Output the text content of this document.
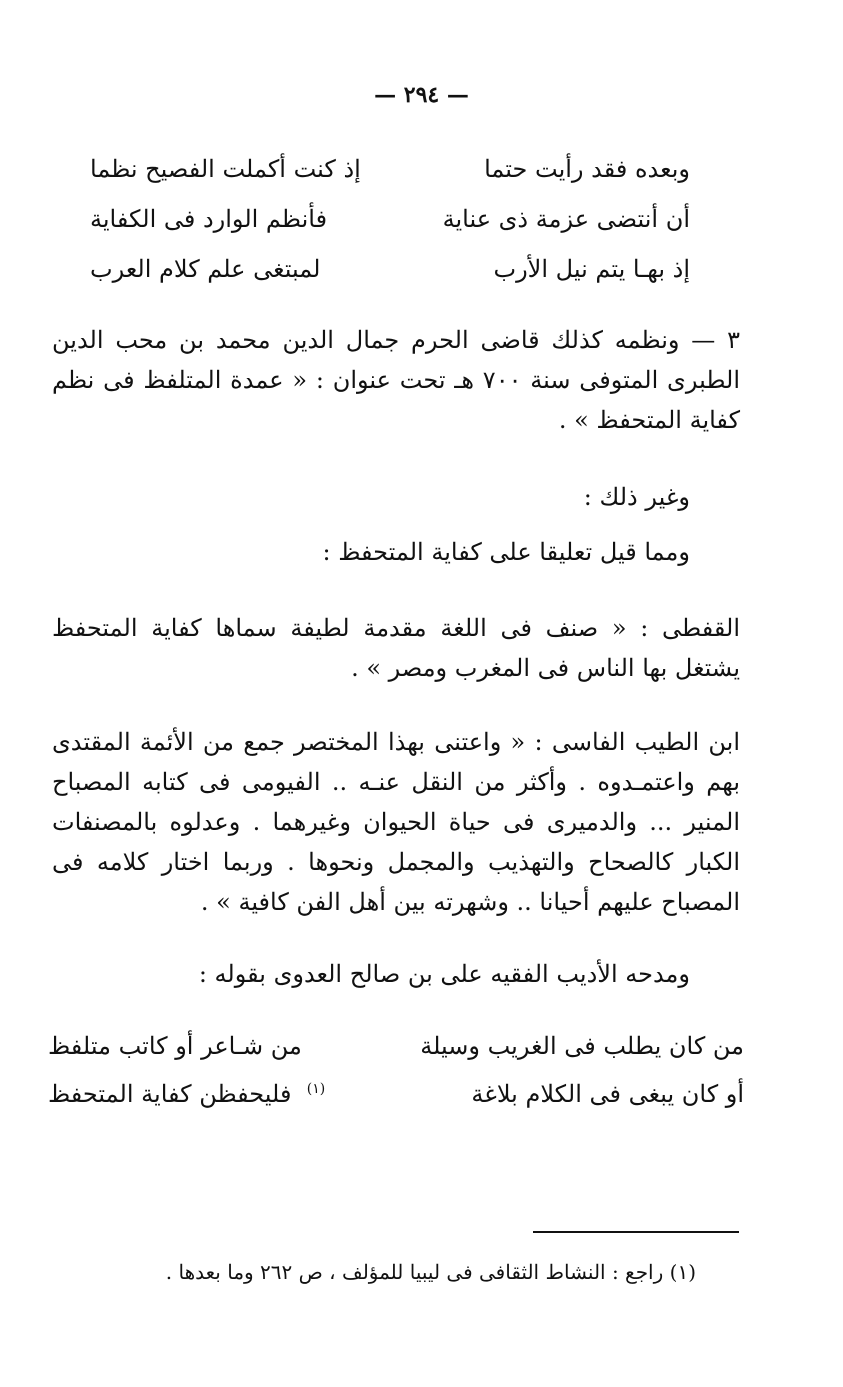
— ٢٩٤ —
وبعده فقد رأيت حتما
إذ كنت أكملت الفصيح نظما
أن أنتضى عزمة ذى عناية
فأنظم الوارد فى الكفاية
إذ بهـا يتم نيل الأرب
لمبتغى علم كلام العرب

٣ — ونظمه كذلك قاضى الحرم جمال الدين محمد بن محب الدين الطبرى المتوفى سنة ٧٠٠ هـ تحت عنوان : « عمدة المتلفظ فى نظم كفاية المتحفظ » .

وغير ذلك :
ومما قيل تعليقا على كفاية المتحفظ :

القفطى : « صنف فى اللغة مقدمة لطيفة سماها كفاية المتحفظ يشتغل بها الناس فى المغرب ومصر » .

ابن الطيب الفاسى : « واعتنى بهذا المختصر جمع من الأئمة المقتدى بهم واعتمـدوه . وأكثر من النقل عنـه .. الفيومى فى كتابه المصباح المنير ... والدميرى فى حياة الحيوان وغيرهما . وعدلوه بالمصنفات الكبار كالصحاح والتهذيب والمجمل ونحوها . وربما اختار كلامه فى المصباح عليهم أحيانا .. وشهرته بين أهل الفن كافية » .

ومدحه الأديب الفقيه على بن صالح العدوى بقوله :
من كان يطلب فى الغريب وسيلة
من شـاعر أو كاتب متلفظ
أو كان يبغى فى الكلام بلاغة
$^{(١)}$  فليحفظن كفاية المتحفظ
(١) راجع : النشاط الثقافى فى ليبيا للمؤلف ، ص ٢٦٢ وما بعدها .
